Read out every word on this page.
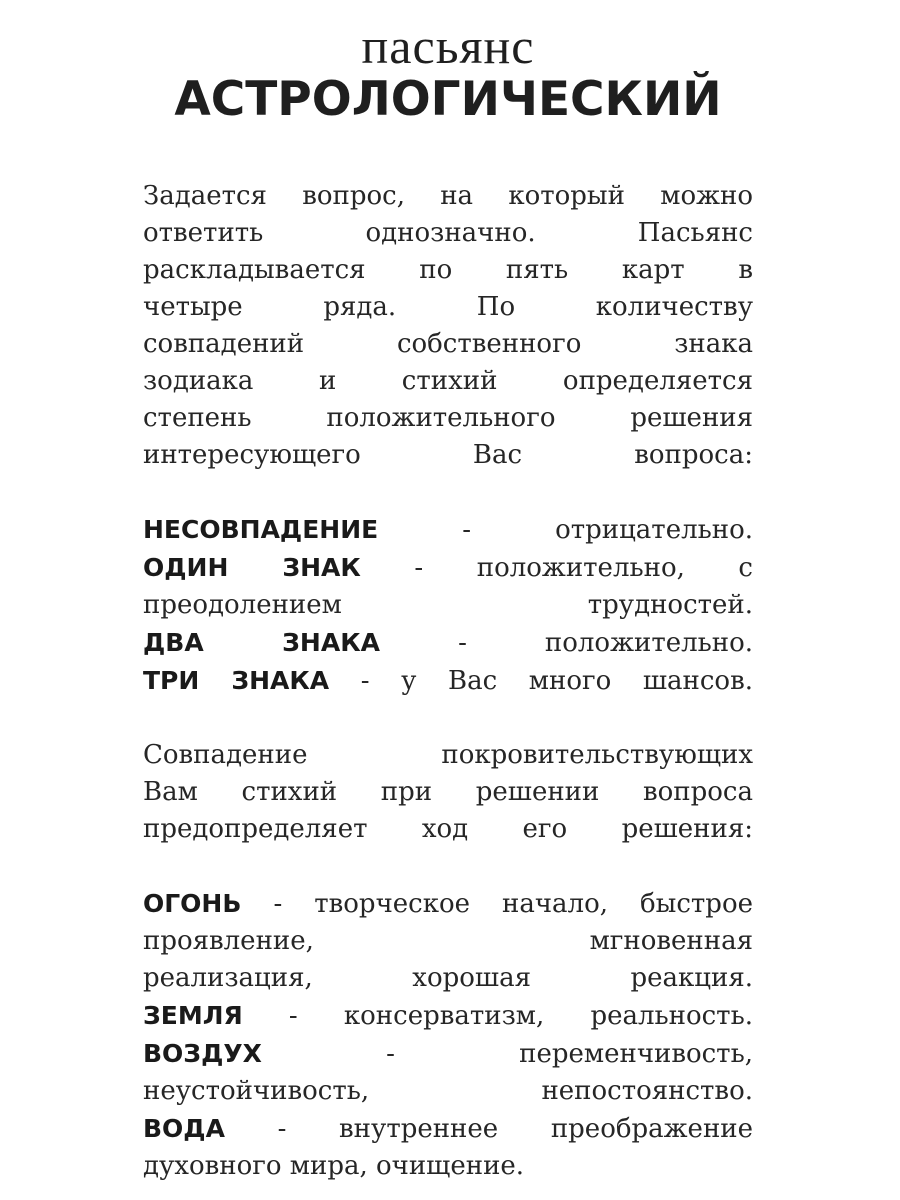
пасьянс
АСТРОЛОГИЧЕСКИЙ
Задается вопрос, на который можно
ответить однозначно. Пасьянс
раскладывается по пять карт в
четыре ряда. По количеству
совпадений собственного знака
зодиака и стихий определяется
степень положительного решения
интересующего Вас вопроса:
НЕСОВПАДЕНИЕ - отрицательно.
ОДИН ЗНАК - положительно, с
преодолением трудностей.
ДВА ЗНАКА - положительно.
ТРИ ЗНАКА - у Вас много шансов.
Совпадение покровительствующих
Вам стихий при решении вопроса
предопределяет ход его решения:
ОГОНЬ - творческое начало, быстрое
проявление, мгновенная
реализация, хорошая реакция.
ЗЕМЛЯ - консерватизм, реальность.
ВОЗДУХ - переменчивость,
неустойчивость, непостоянство.
ВОДА - внутреннее преображение
духовного мира, очищение.
